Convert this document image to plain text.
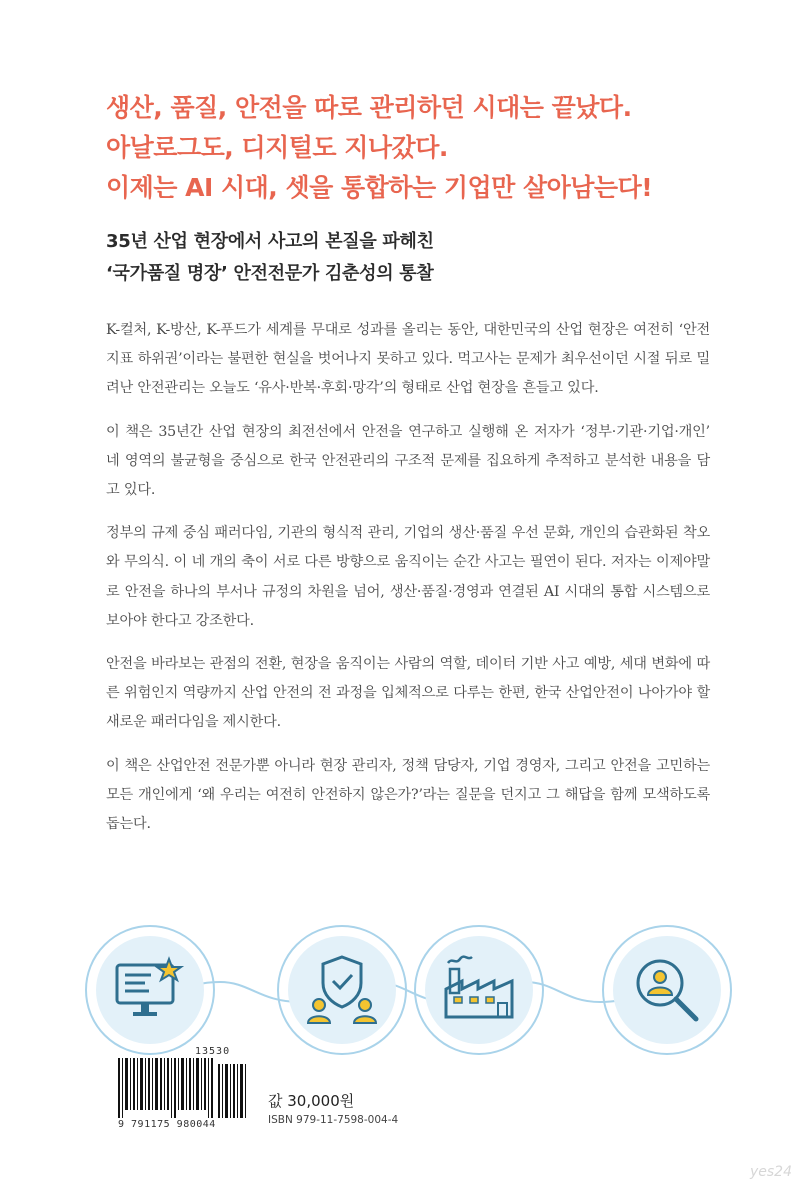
생산, 품질, 안전을 따로 관리하던 시대는 끝났다.
아날로그도, 디지털도 지나갔다.
이제는 AI 시대, 셋을 통합하는 기업만 살아남는다!
35년 산업 현장에서 사고의 본질을 파헤친
‘국가품질 명장’ 안전전문가 김춘성의 통찰

K-컬처, K-방산, K-푸드가 세계를 무대로 성과를 올리는 동안, 대한민국의 산업 현장은 여전히 ‘안전지표 하위권’이라는 불편한 현실을 벗어나지 못하고 있다. 먹고사는 문제가 최우선이던 시절 뒤로 밀려난 안전관리는 오늘도 ‘유사·반복·후회·망각’의 형태로 산업 현장을 흔들고 있다.

이 책은 35년간 산업 현장의 최전선에서 안전을 연구하고 실행해 온 저자가 ‘정부·기관·기업·개인’ 네 영역의 불균형을 중심으로 한국 안전관리의 구조적 문제를 집요하게 추적하고 분석한 내용을 담고 있다.

정부의 규제 중심 패러다임, 기관의 형식적 관리, 기업의 생산·품질 우선 문화, 개인의 습관화된 착오와 무의식. 이 네 개의 축이 서로 다른 방향으로 움직이는 순간 사고는 필연이 된다. 저자는 이제야말로 안전을 하나의 부서나 규정의 차원을 넘어, 생산·품질·경영과 연결된 AI 시대의 통합 시스템으로 보아야 한다고 강조한다.

안전을 바라보는 관점의 전환, 현장을 움직이는 사람의 역할, 데이터 기반 사고 예방, 세대 변화에 따른 위험인지 역량까지 산업 안전의 전 과정을 입체적으로 다루는 한편, 한국 산업안전이 나아가야 할 새로운 패러다임을 제시한다.

이 책은 산업안전 전문가뿐 아니라 현장 관리자, 정책 담당자, 기업 경영자, 그리고 안전을 고민하는 모든 개인에게 ‘왜 우리는 여전히 안전하지 않은가?’라는 질문을 던지고 그 해답을 함께 모색하도록 돕는다.

13530
9 791175 980044
값 30,000원
ISBN 979-11-7598-004-4
yes24
